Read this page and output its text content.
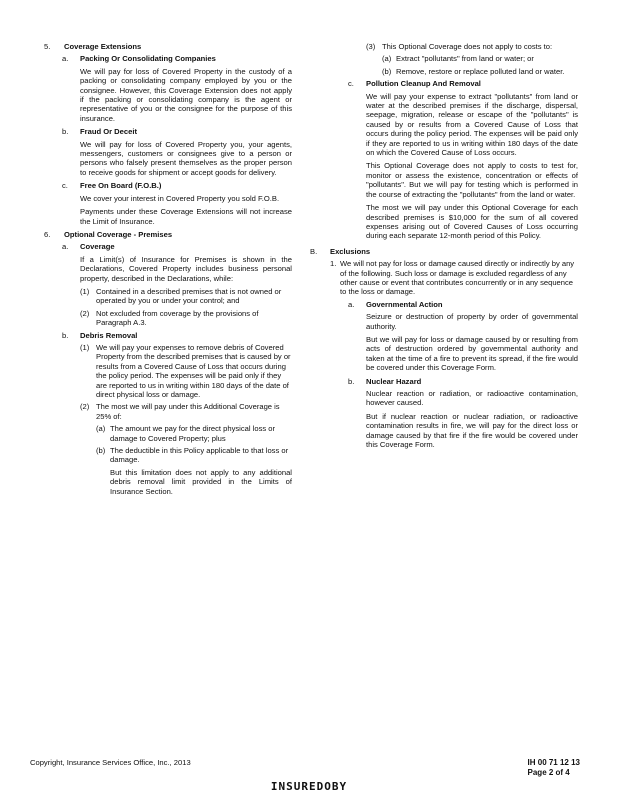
5.	Coverage Extensions
a.	Packing Or Consolidating Companies

We will pay for loss of Covered Property in the custody of a packing or consolidating company employed by you or the consignee. However, this Coverage Extension does not apply if the packing or consolidating company is the agent or representative of you or the consignee for the purpose of this insurance.

b.	Fraud Or Deceit

We will pay for loss of Covered Property you, your agents, messengers, customers or consignees give to a person or persons who falsely present themselves as the proper person to receive goods for shipment or accept goods for delivery.

c.	Free On Board (F.O.B.)

We cover your interest in Covered Property you sold F.O.B.

Payments under these Coverage Extensions will not increase the Limit of Insurance.

6.	Optional Coverage - Premises
a.	Coverage

If a Limit(s) of Insurance for Premises is shown in the Declarations, Covered Property includes business personal property, described in the Declarations, while:

(1) Contained in a described premises that is not owned or operated by you or under your control; and
(2) Not excluded from coverage by the provisions of Paragraph A.3.
b.	Debris Removal
(1) We will pay your expenses to remove debris of Covered Property from the described premises that is caused by or results from a Covered Cause of Loss that occurs during the policy period. The expenses will be paid only if they are reported to us in writing within 180 days of the date of direct physical loss or damage.
(2) The most we will pay under this Additional Coverage is 25% of:
(a) The amount we pay for the direct physical loss or damage to Covered Property; plus
(b) The deductible in this Policy applicable to that loss or damage.

But this limitation does not apply to any additional debris removal limit provided in the Limits of Insurance Section.

(3) This Optional Coverage does not apply to costs to:
(a) Extract "pollutants" from land or water; or
(b) Remove, restore or replace polluted land or water.
c.	Pollution Cleanup And Removal

We will pay your expense to extract "pollutants" from land or water at the described premises if the discharge, dispersal, seepage, migration, release or escape of the "pollutants" is caused by or results from a Covered Cause of Loss that occurs during the policy period. The expenses will be paid only if they are reported to us in writing within 180 days of the date on which the Covered Cause of Loss occurs.

This Optional Coverage does not apply to costs to test for, monitor or assess the existence, concentration or effects of "pollutants". But we will pay for testing which is performed in the course of extracting the "pollutants" from the land or water.

The most we will pay under this Optional Coverage for each described premises is $10,000 for the sum of all covered expenses arising out of Covered Causes of Loss occurring during each separate 12-month period of this Policy.

B.	Exclusions
1. We will not pay for loss or damage caused directly or indirectly by any of the following. Such loss or damage is excluded regardless of any other cause or event that contributes concurrently or in any sequence to the loss or damage.
a.	Governmental Action

Seizure or destruction of property by order of governmental authority.

But we will pay for loss or damage caused by or resulting from acts of destruction ordered by governmental authority and taken at the time of a fire to prevent its spread, if the fire would be covered under this Coverage Form.

b.	Nuclear Hazard

Nuclear reaction or radiation, or radioactive contamination, however caused.

But if nuclear reaction or nuclear radiation, or radioactive contamination results in fire, we will pay for the direct loss or damage caused by that fire if the fire would be covered under this Coverage Form.

Copyright, Insurance Services Office, Inc., 2013	IH 00 71 12 13
Page 2 of 4
INSUREDOBY
